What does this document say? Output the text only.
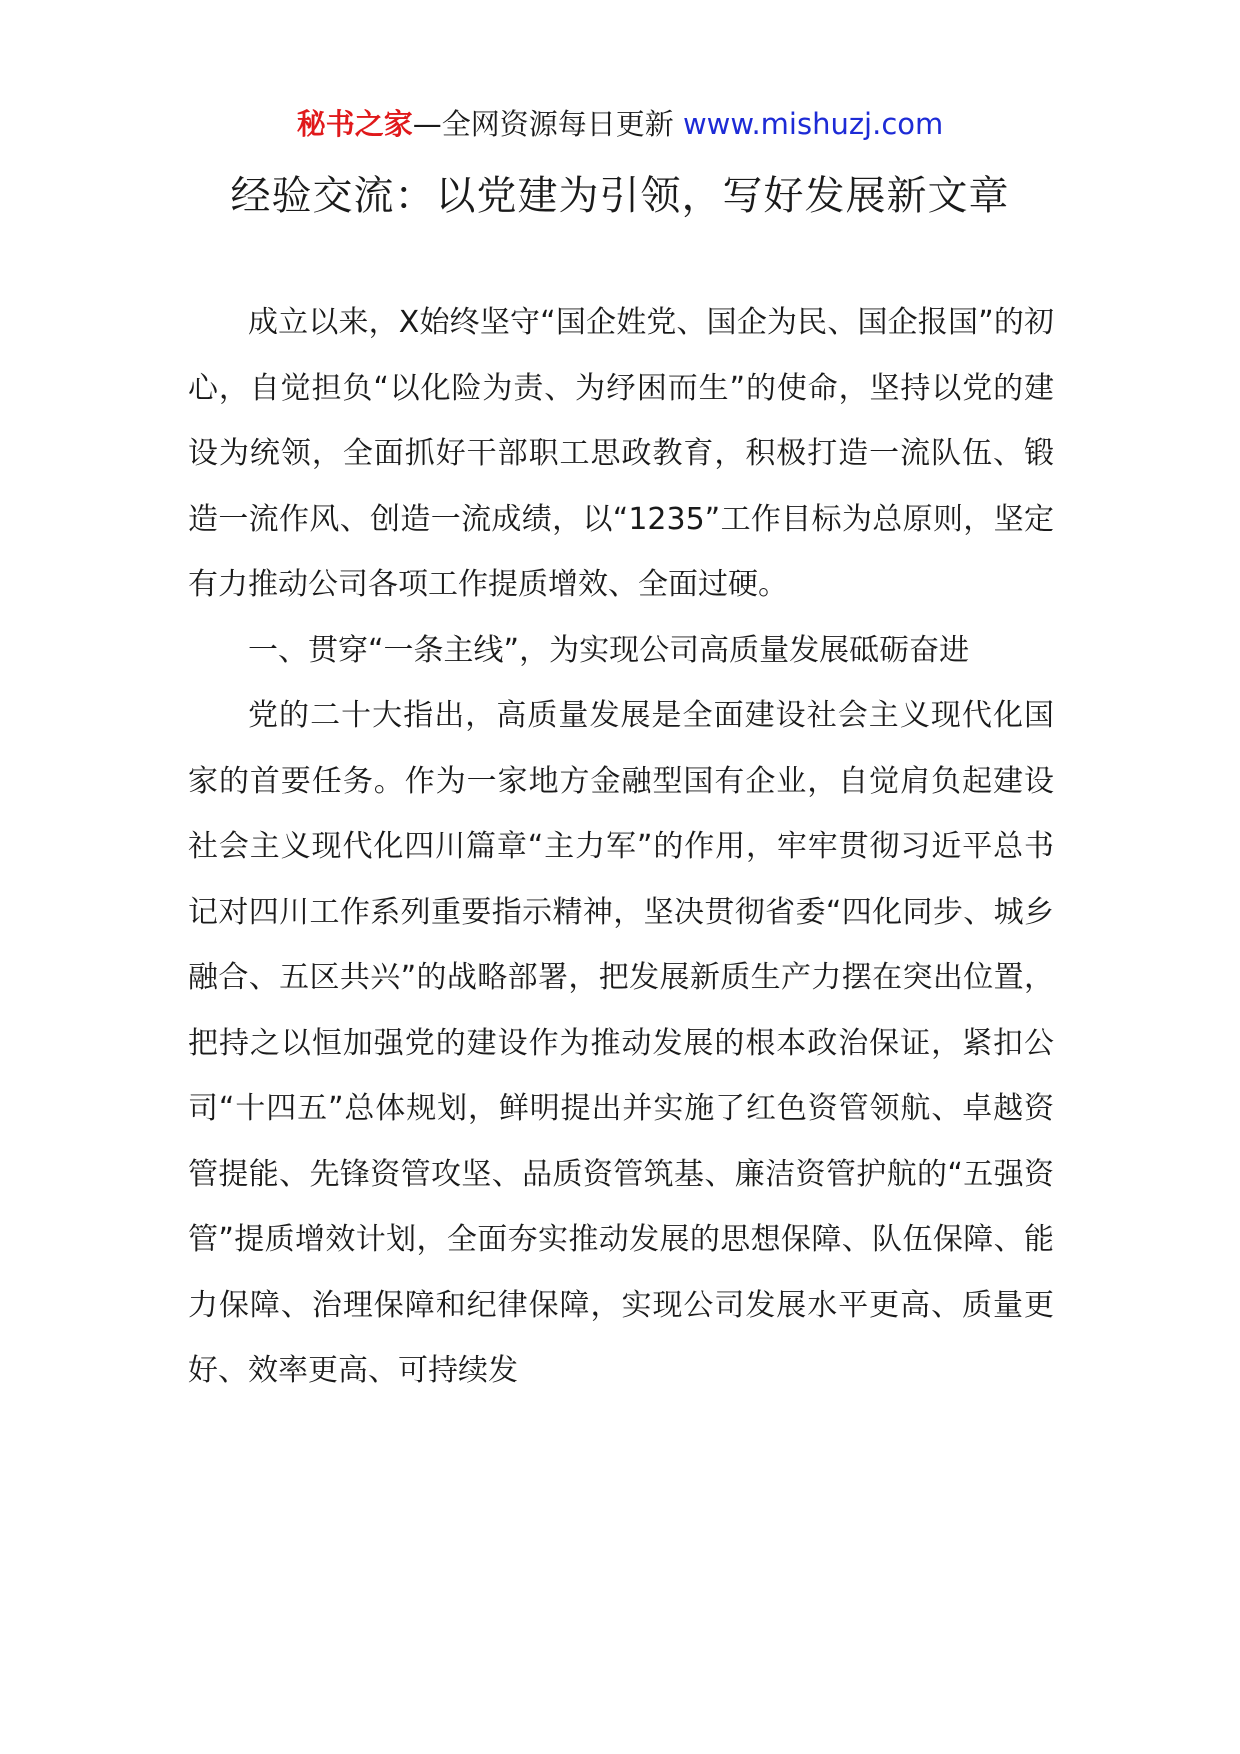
秘书之家—全网资源每日更新 www.mishuzj.com
经验交流：以党建为引领，写好发展新文章

成立以来，X始终坚守“国企姓党、国企为民、国企报国”的初心，自觉担负“以化险为责、为纾困而生”的使命，坚持以党的建设为统领，全面抓好干部职工思政教育，积极打造一流队伍、锻造一流作风、创造一流成绩，以“1235”工作目标为总原则，坚定有力推动公司各项工作提质增效、全面过硬。

一、贯穿“一条主线”，为实现公司高质量发展砥砺奋进

党的二十大指出，高质量发展是全面建设社会主义现代化国家的首要任务。作为一家地方金融型国有企业，自觉肩负起建设社会主义现代化四川篇章“主力军”的作用，牢牢贯彻习近平总书记对四川工作系列重要指示精神，坚决贯彻省委“四化同步、城乡融合、五区共兴”的战略部署，把发展新质生产力摆在突出位置，把持之以恒加强党的建设作为推动发展的根本政治保证，紧扣公司“十四五”总体规划，鲜明提出并实施了红色资管领航、卓越资管提能、先锋资管攻坚、品质资管筑基、廉洁资管护航的“五强资管”提质增效计划，全面夯实推动发展的思想保障、队伍保障、能力保障、治理保障和纪律保障，实现公司发展水平更高、质量更好、效率更高、可持续发
